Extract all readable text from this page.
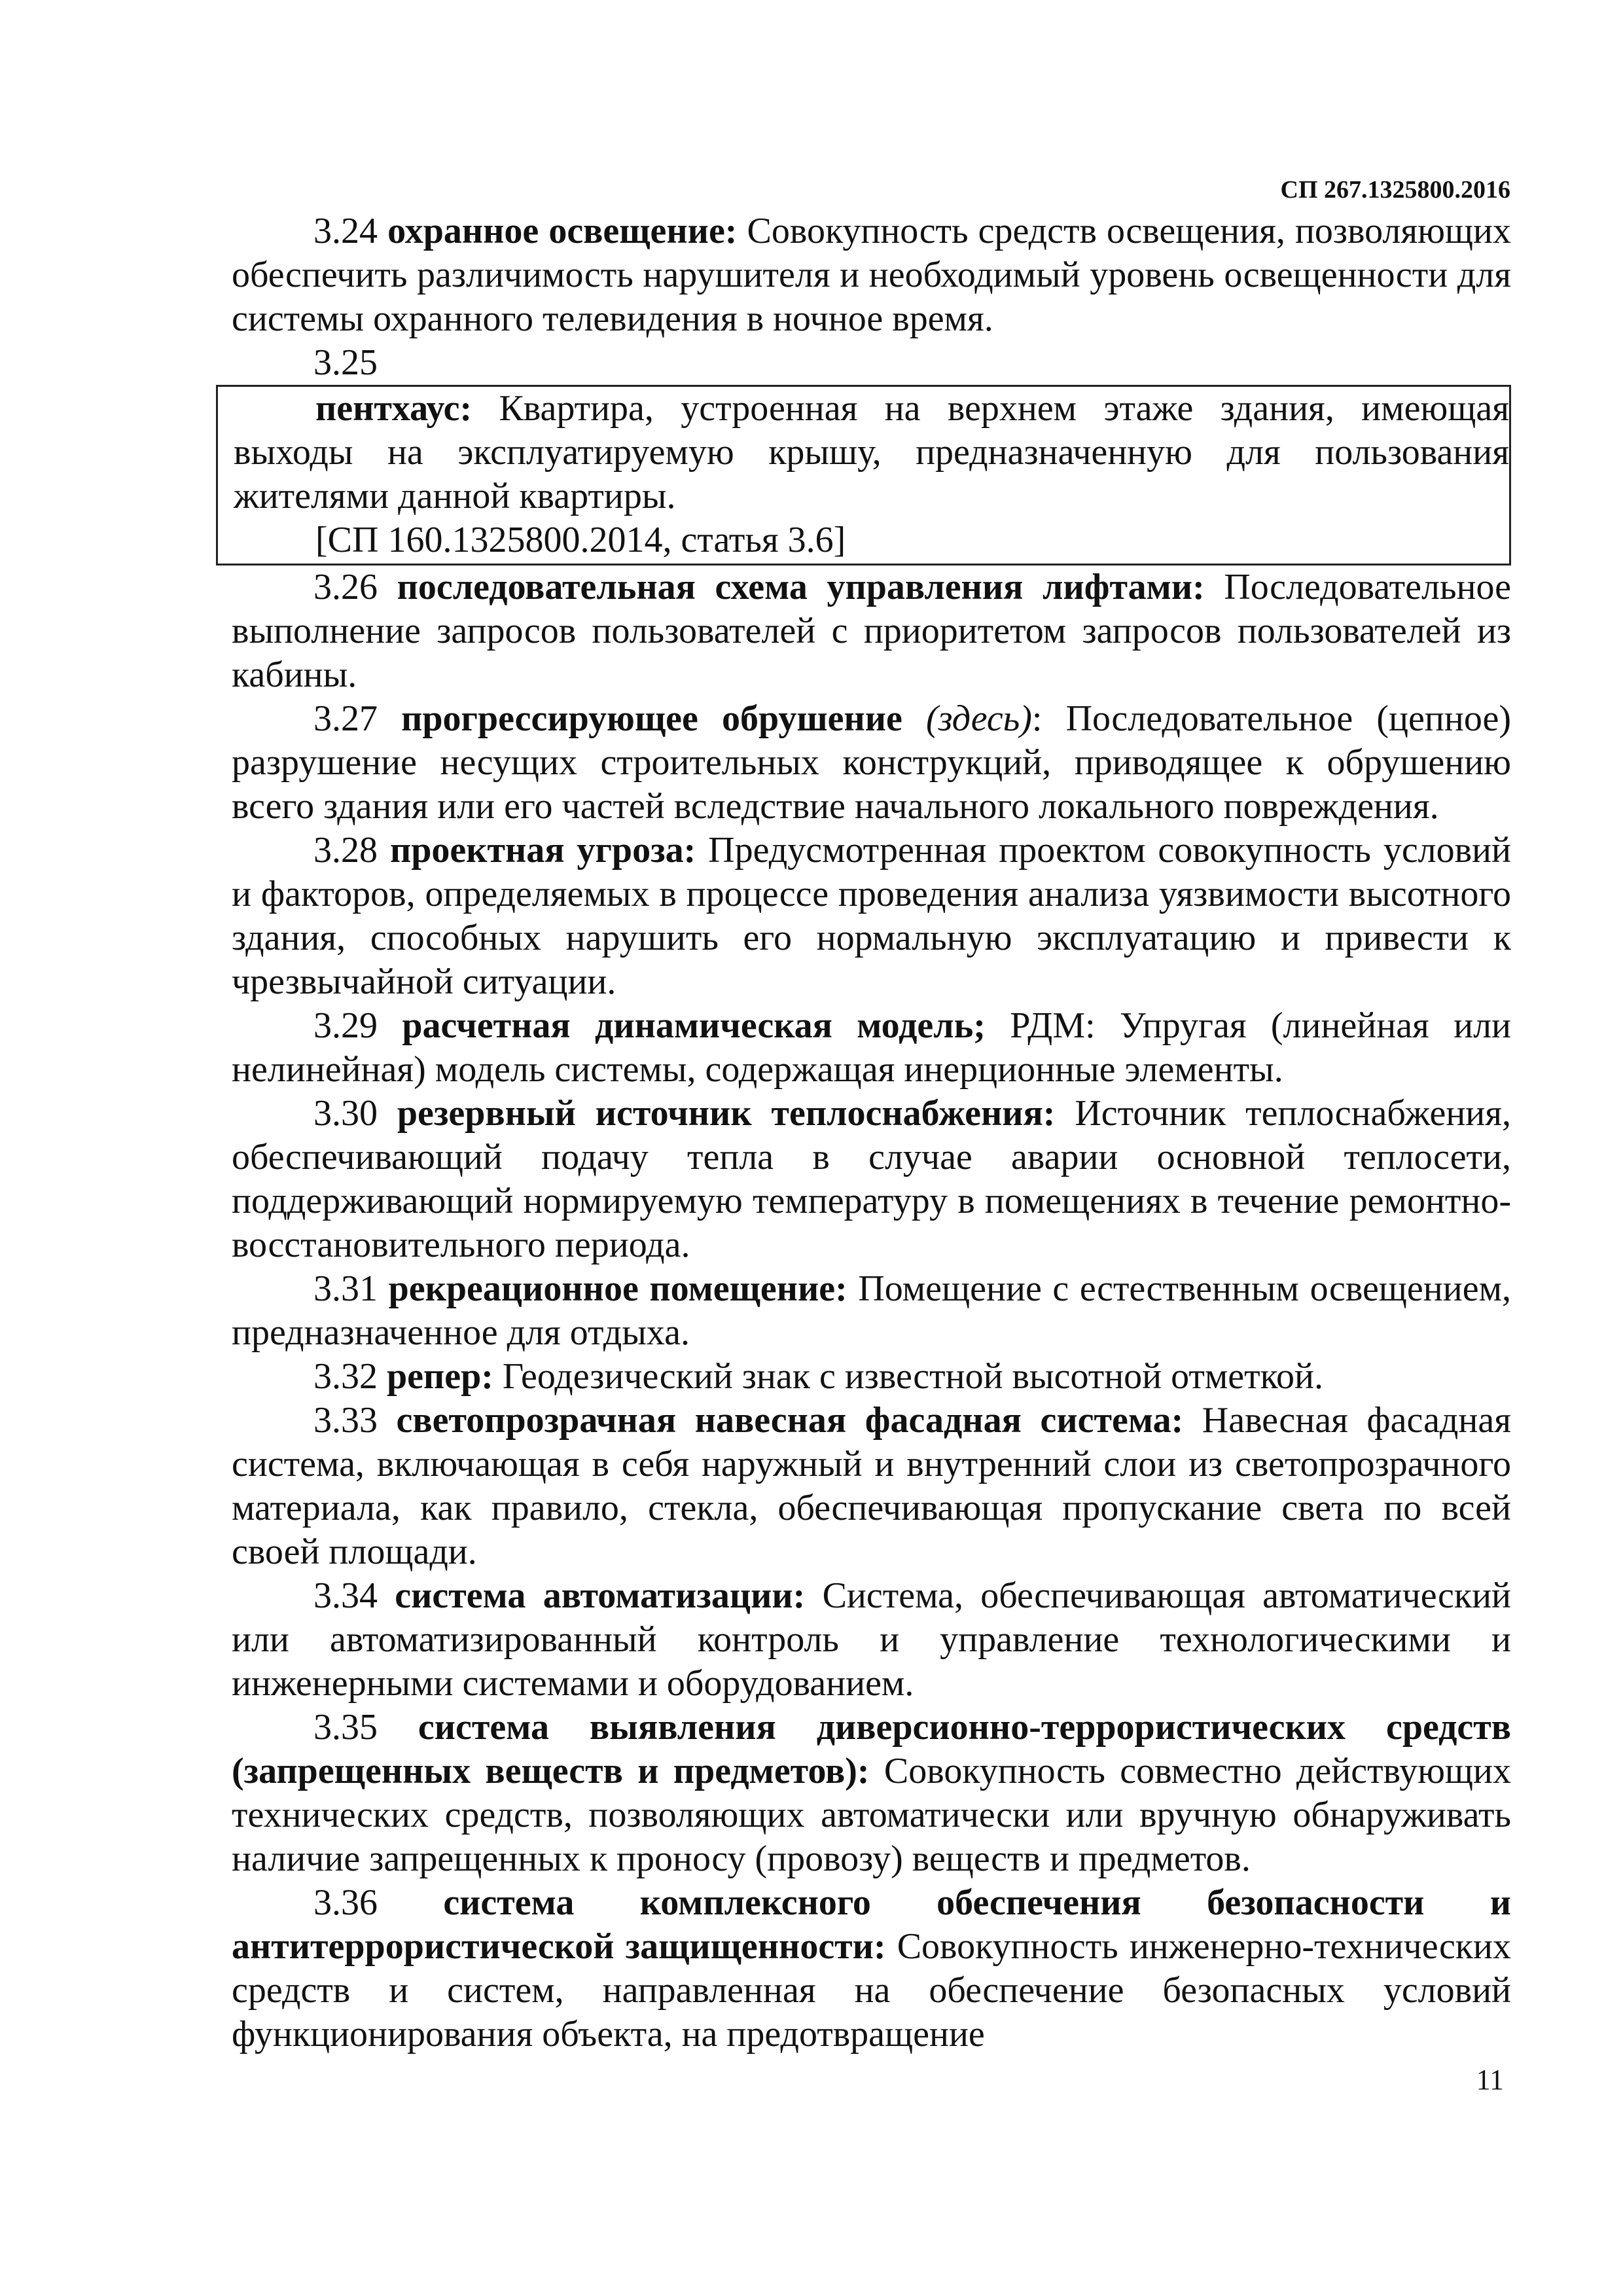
СП 267.1325800.2016

3.24 охранное освещение: Совокупность средств освещения, позволяющих обеспечить различимость нарушителя и необходимый уровень освещенности для системы охранного телевидения в ночное время.

3.25

пентхаус: Квартира, устроенная на верхнем этаже здания, имеющая выходы на эксплуатируемую крышу, предназначенную для пользования жителями данной квартиры.

[СП 160.1325800.2014, статья 3.6]

3.26 последовательная схема управления лифтами: Последовательное выполнение запросов пользователей с приоритетом запросов пользователей из кабины.

3.27 прогрессирующее обрушение (здесь): Последовательное (цепное) разрушение несущих строительных конструкций, приводящее к обрушению всего здания или его частей вследствие начального локального повреждения.

3.28 проектная угроза: Предусмотренная проектом совокупность условий и факторов, определяемых в процессе проведения анализа уязвимости высотного здания, способных нарушить его нормальную эксплуатацию и привести к чрезвычайной ситуации.

3.29 расчетная динамическая модель; РДМ: Упругая (линейная или нелинейная) модель системы, содержащая инерционные элементы.

3.30 резервный источник теплоснабжения: Источник теплоснабжения, обеспечивающий подачу тепла в случае аварии основной теплосети, поддерживающий нормируемую температуру в помещениях в течение ремонтно-восстановительного периода.

3.31 рекреационное помещение: Помещение с естественным освещением, предназначенное для отдыха.

3.32 репер: Геодезический знак с известной высотной отметкой.

3.33 светопрозрачная навесная фасадная система: Навесная фасадная система, включающая в себя наружный и внутренний слои из светопрозрачного материала, как правило, стекла, обеспечивающая пропускание света по всей своей площади.

3.34 система автоматизации: Система, обеспечивающая автоматический или автоматизированный контроль и управление технологическими и инженерными системами и оборудованием.

3.35 система выявления диверсионно-террористических средств (запрещенных веществ и предметов): Совокупность совместно действующих технических средств, позволяющих автоматически или вручную обнаруживать наличие запрещенных к проносу (провозу) веществ и предметов.

3.36 система комплексного обеспечения безопасности и антитеррористической защищенности: Совокупность инженерно-технических средств и систем, направленная на обеспечение безопасных условий функционирования объекта, на предотвращение

11
